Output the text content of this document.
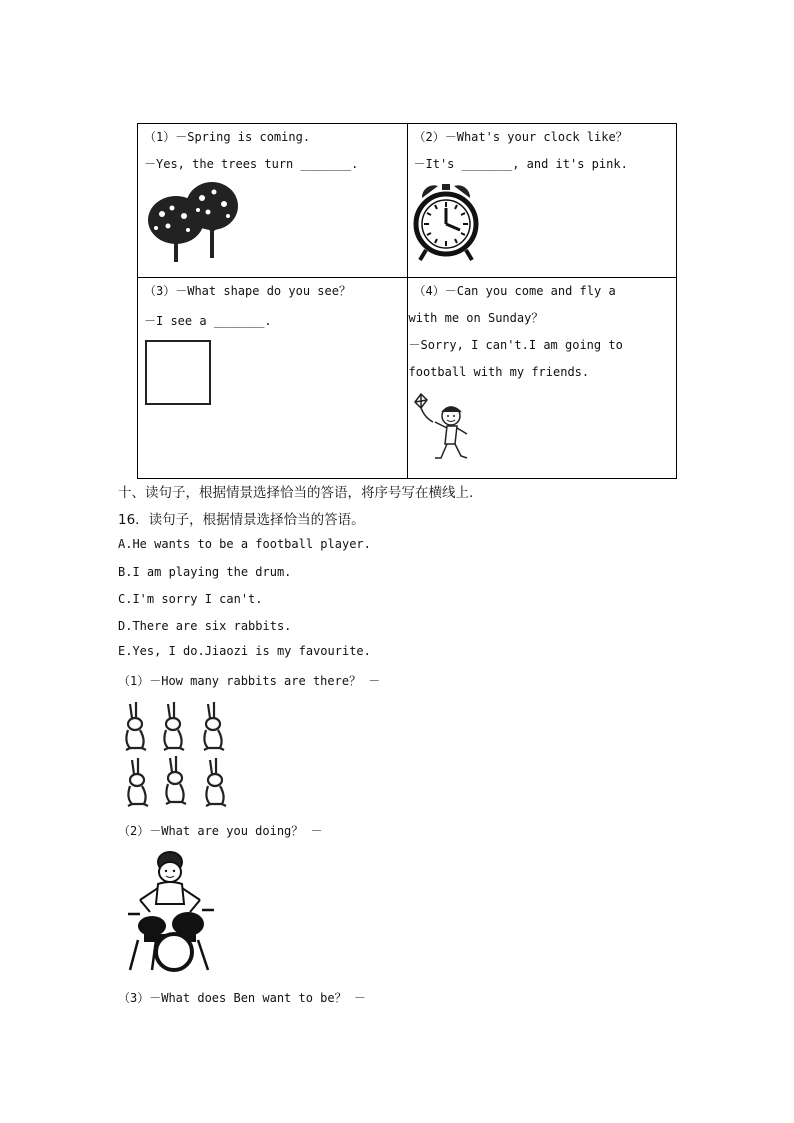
（1）－Spring is coming.
－Yes, the trees turn _______.	（2）－What's your clock like？
－It's _______, and it's pink.

（3）－What shape do you see？
－I see a _______.	（4）－Can you come and fly a
with me on Sunday？
－Sorry, I can't.I am going to
football with my friends.
十、读句子，根据情景选择恰当的答语，将序号写在横线上.
16．读句子，根据情景选择恰当的答语。
A.He wants to be a football player.
B.I am playing the drum.
C.I'm sorry I can't.
D.There are six rabbits.
E.Yes, I do.Jiaozi is my favourite.
（1）－How many rabbits are there？ －
（2）－What are you doing？ －
（3）－What does Ben want to be？ －
